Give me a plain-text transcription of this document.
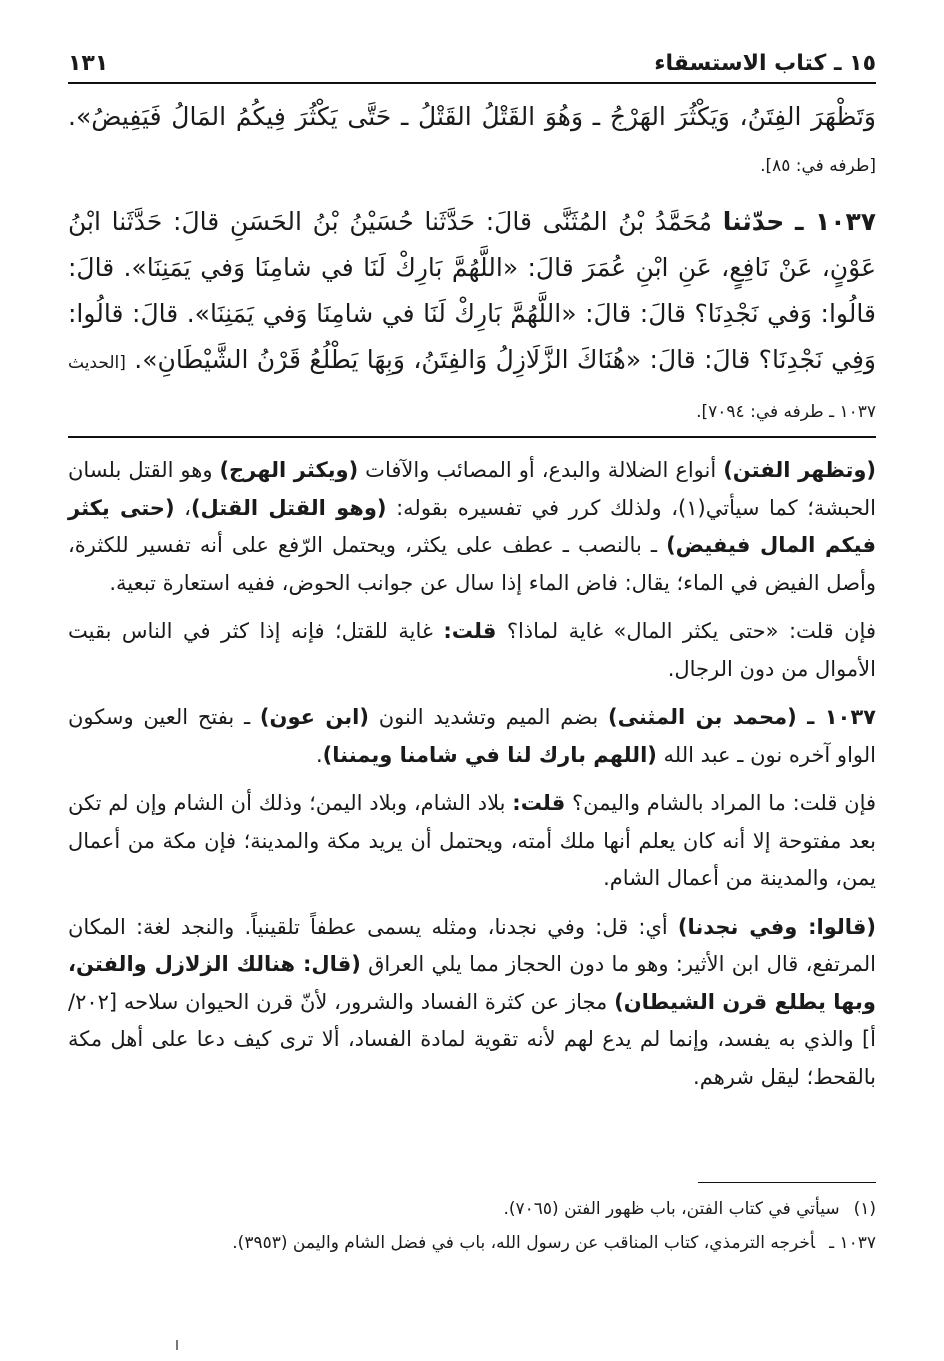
١٥ ـ كتاب الاستسقاء
١٣١

وَتَظْهَرَ الفِتَنُ، وَيَكْثُرَ الهَرْجُ ـ وَهُوَ القَتْلُ القَتْلُ ـ حَتَّى يَكْثُرَ فِيكُمُ المَالُ فَيَفِيضُ». [طرفه في: ٨٥].

١٠٣٧ ـ حدّثنا مُحَمَّدُ بْنُ المُثَنَّى قالَ: حَدَّثَنا حُسَيْنُ بْنُ الحَسَنِ قالَ: حَدَّثَنا ابْنُ عَوْنٍ، عَنْ نَافِعٍ، عَنِ ابْنِ عُمَرَ قالَ: «اللَّهُمَّ بَارِكْ لَنَا في شامِنَا وَفي يَمَنِنَا». قالَ: قالُوا: وَفي نَجْدِنَا؟ قالَ: قالَ: «اللَّهُمَّ بَارِكْ لَنَا في شامِنَا وَفي يَمَنِنَا». قالَ: قالُوا: وَفِي نَجْدِنَا؟ قالَ: قالَ: «هُنَاكَ الزَّلَازِلُ وَالفِتَنُ، وَبِهَا يَطْلُعُ قَرْنُ الشَّيْطَانِ». [الحديث ١٠٣٧ ـ طرفه في: ٧٠٩٤].

(وتظهر الفتن) أنواع الضلالة والبدع، أو المصائب والآفات (ويكثر الهرج) وهو القتل بلسان الحبشة؛ كما سيأتي(١)، ولذلك كرر في تفسيره بقوله: (وهو القتل القتل)، (حتى يكثر فيكم المال فيفيض) ـ بالنصب ـ عطف على يكثر، ويحتمل الرّفع على أنه تفسير للكثرة، وأصل الفيض في الماء؛ يقال: فاض الماء إذا سال عن جوانب الحوض، ففيه استعارة تبعية.

فإن قلت: «حتى يكثر المال» غاية لماذا؟ قلت: غاية للقتل؛ فإنه إذا كثر في الناس بقيت الأموال من دون الرجال.

١٠٣٧ ـ (محمد بن المثنى) بضم الميم وتشديد النون (ابن عون) ـ بفتح العين وسكون الواو آخره نون ـ عبد الله (اللهم بارك لنا في شامنا ويمننا).

فإن قلت: ما المراد بالشام واليمن؟ قلت: بلاد الشام، وبلاد اليمن؛ وذلك أن الشام وإن لم تكن بعد مفتوحة إلا أنه كان يعلم أنها ملك أمته، ويحتمل أن يريد مكة والمدينة؛ فإن مكة من أعمال يمن، والمدينة من أعمال الشام.

(قالوا: وفي نجدنا) أي: قل: وفي نجدنا، ومثله يسمى عطفاً تلقينياً. والنجد لغة: المكان المرتفع، قال ابن الأثير: وهو ما دون الحجاز مما يلي العراق (قال: هنالك الزلازل والفتن، وبها يطلع قرن الشيطان) مجاز عن كثرة الفساد والشرور، لأنّ قرن الحيوان سلاحه [٢٠٢/أ] والذي به يفسد، وإنما لم يدع لهم لأنه تقوية لمادة الفساد، ألا ترى كيف دعا على أهل مكة بالقحط؛ ليقل شرهم.

(١)سيأتي في كتاب الفتن، باب ظهور الفتن (٧٠٦٥).

١٠٣٧ ـأخرجه الترمذي، كتاب المناقب عن رسول الله، باب في فضل الشام واليمن (٣٩٥٣).
